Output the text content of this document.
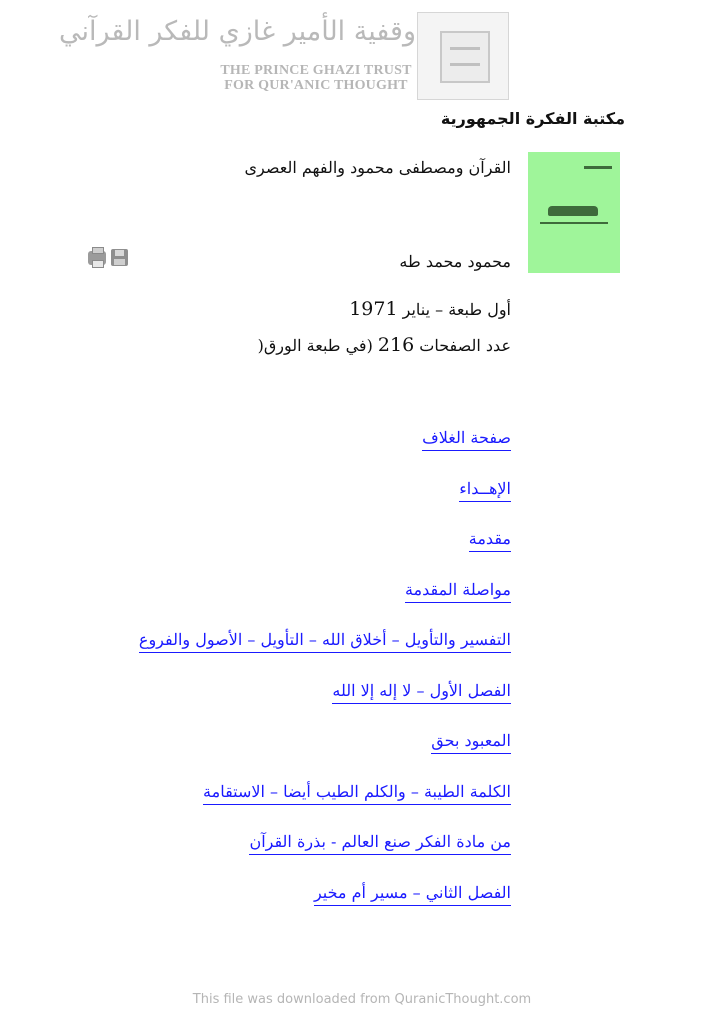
وقفية الأمير غازي للفكر القرآني
THE PRINCE GHAZI TRUST
FOR QUR'ANIC THOUGHT
مكتبة الفكرة الجمهورية
القرآن ومصطفى محمود والفهم العصرى
محمود محمد طه
أول طبعة – يناير 1971
عدد الصفحات 216 (في طبعة الورق(
صفحة الغلاف
الإهــداء
مقدمة
مواصلة المقدمة
التفسير والتأويل – أخلاق الله – التأويل – الأصول والفروع
الفصل الأول – لا إله إلا الله
المعبود بحق
الكلمة الطيبة – والكلم الطيب أيضا – الاستقامة
من مادة الفكر صنع العالم - بذرة القرآن
الفصل الثاني – مسير أم مخير
This file was downloaded from QuranicThought.com
